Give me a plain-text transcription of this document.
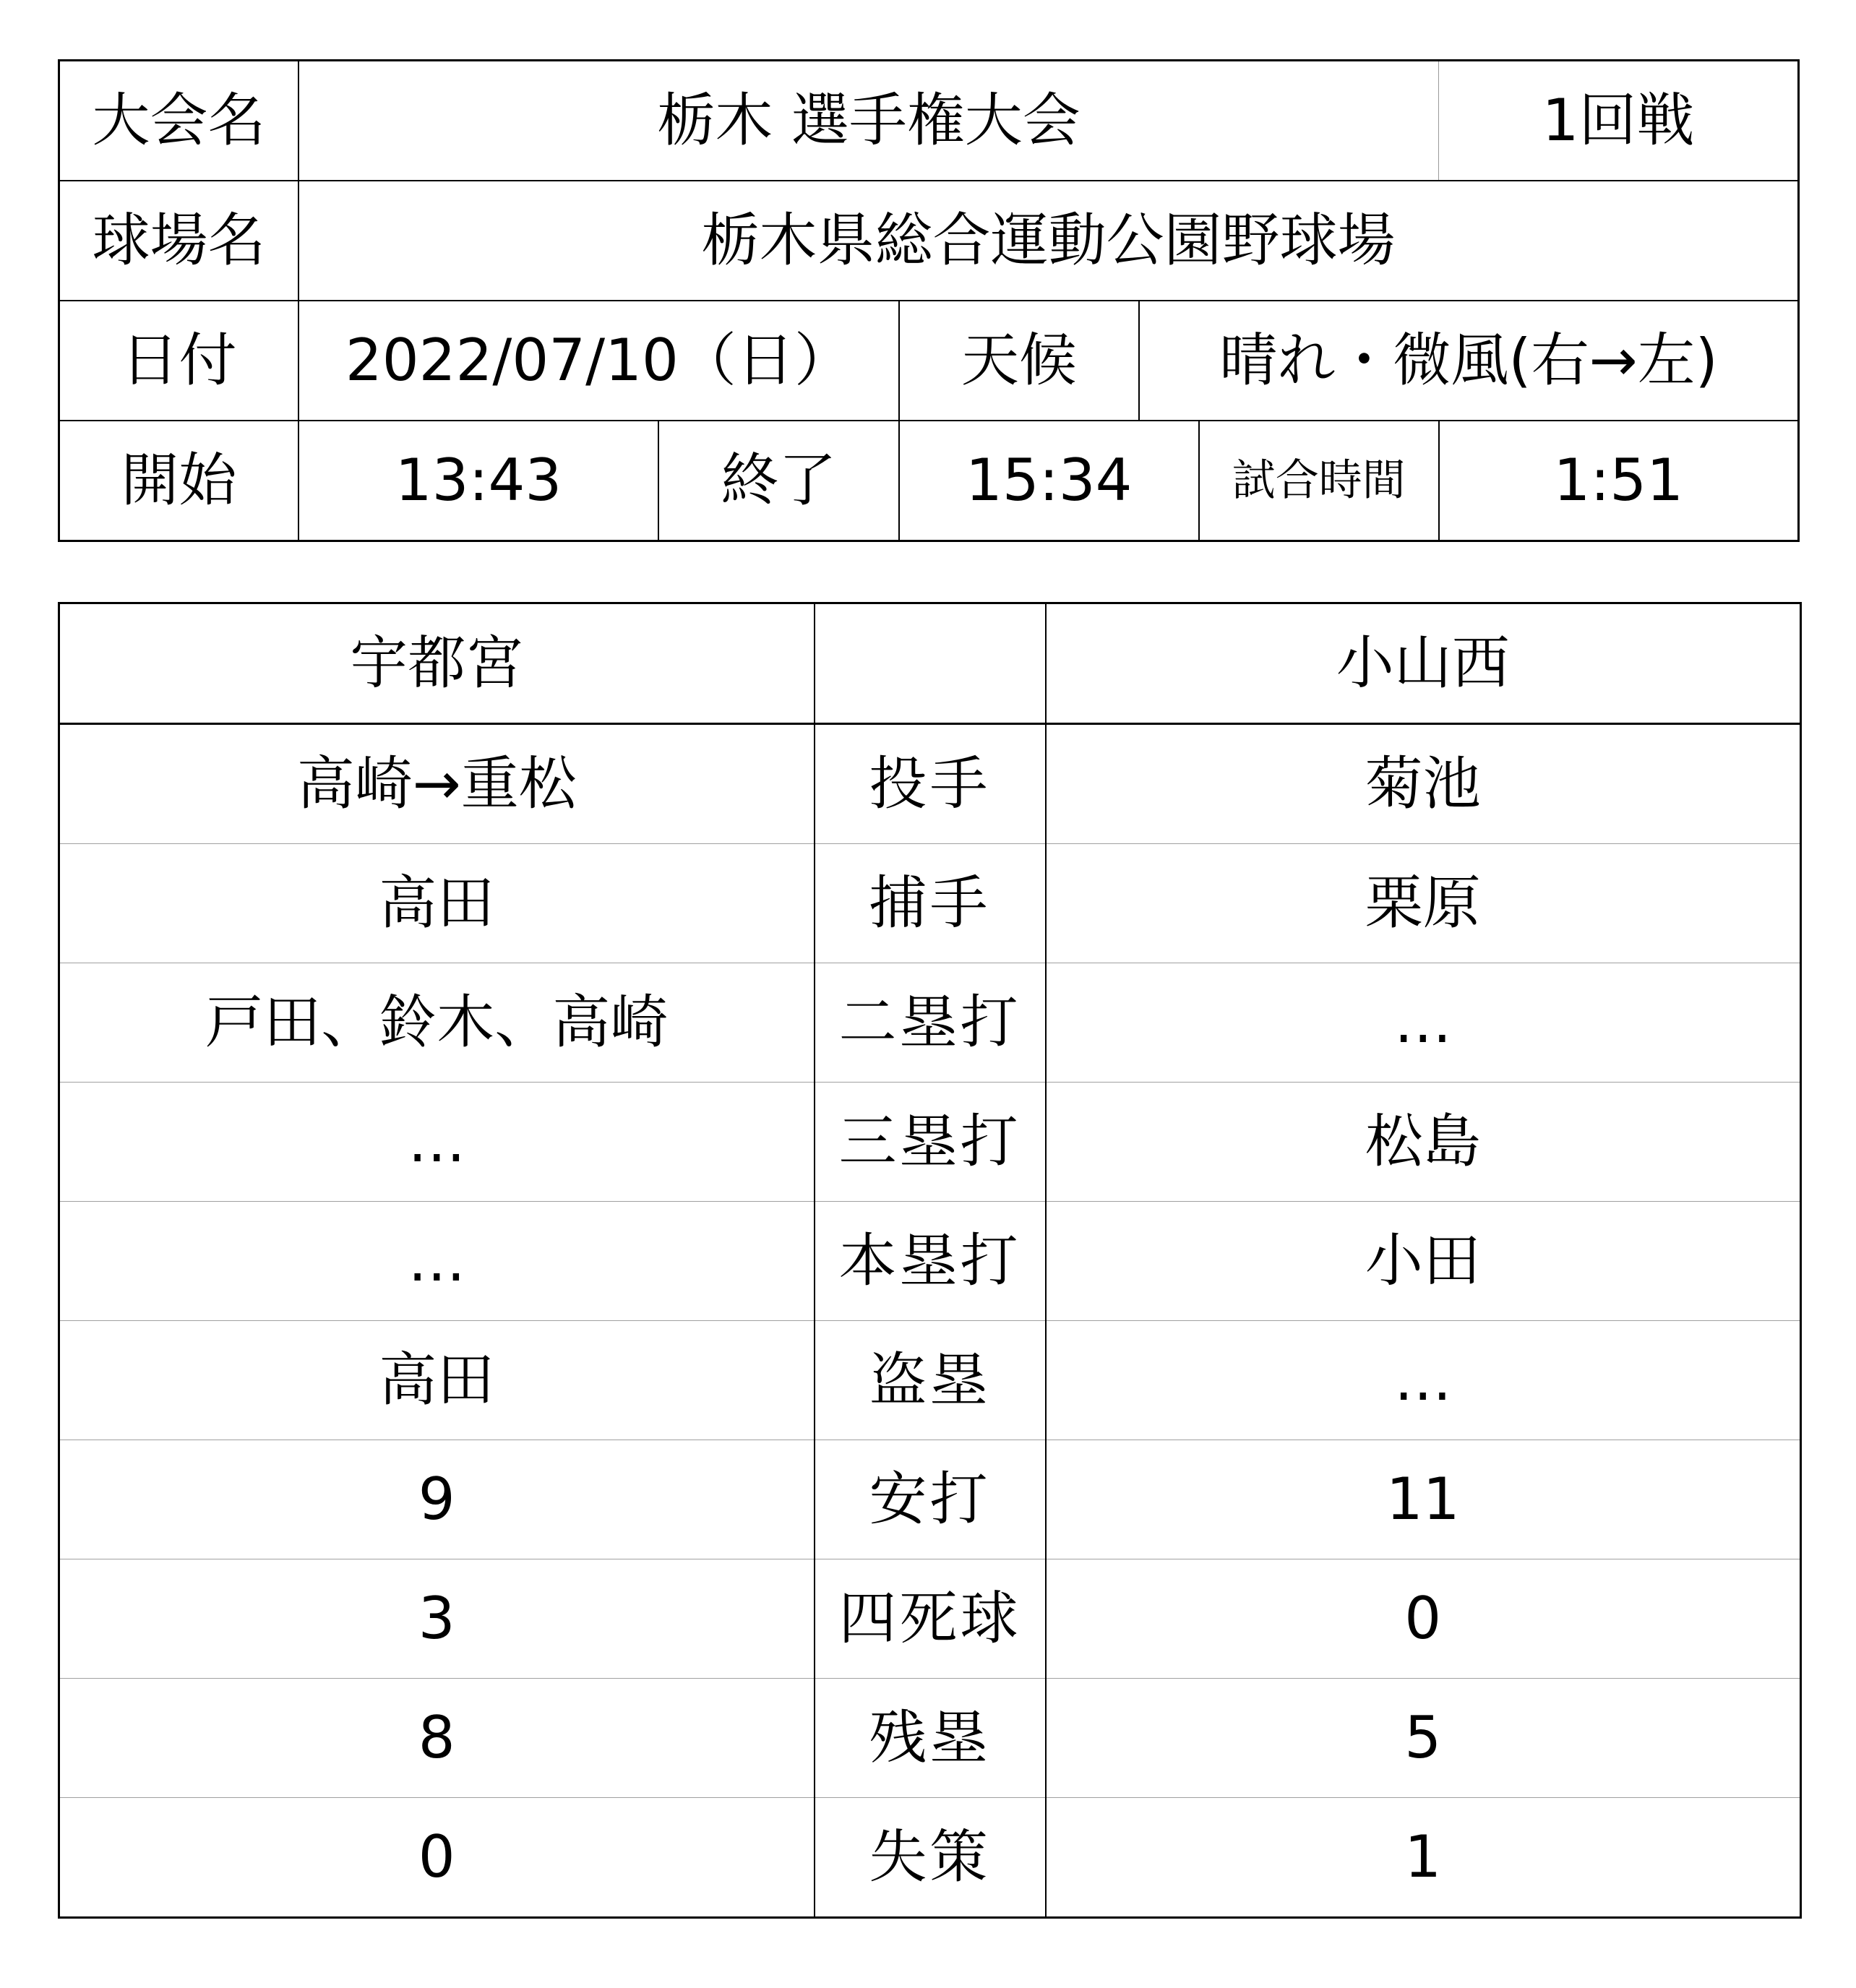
大会名	栃木 選手権大会					1回戦
球場名	栃木県総合運動公園野球場					
日付	2022/07/10（日）		天候	晴れ・微風(右→左)		
開始	13:43	終了	15:34		試合時間	1:51
宇都宮		小山西
高崎→重松	投手	菊池
高田	捕手	栗原
戸田、鈴木、高崎	二塁打	…
…	三塁打	松島
…	本塁打	小田
高田	盗塁	…
9	安打	11
3	四死球	0
8	残塁	5
0	失策	1
